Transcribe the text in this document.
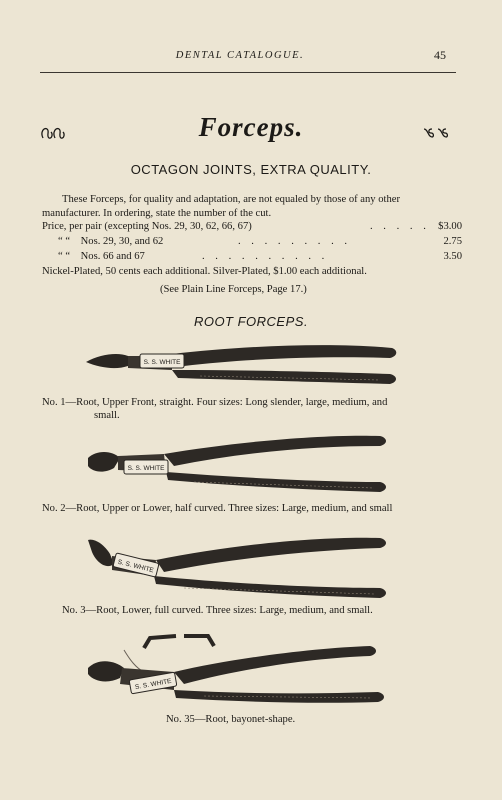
DENTAL CATALOGUE.	45
Forceps.
OCTAGON JOINTS, EXTRA QUALITY.
These Forceps, for quality and adaptation, are not equaled by those of any other
manufacturer. In ordering, state the number of the cut.
Price, per pair (excepting Nos. 29, 30, 62, 66, 67)	. . . . . $3.00
“ “ Nos. 29, 30, and 62	. . . . . . . . .	2.75
“ “ Nos. 66 and 67	. . . . . . . . . .	3.50
Nickel-Plated, 50 cents each additional. Silver-Plated, $1.00 each additional.
(See Plain Line Forceps, Page 17.)
ROOT FORCEPS.
S. S. WHITE
No. 1—Root, Upper Front, straight. Four sizes: Long slender, large, medium, and
small.
S. S. WHITE
No. 2—Root, Upper or Lower, half curved. Three sizes: Large, medium, and small
S. S. WHITE
No. 3—Root, Lower, full curved. Three sizes: Large, medium, and small.
S. S. WHITE
No. 35—Root, bayonet-shape.
